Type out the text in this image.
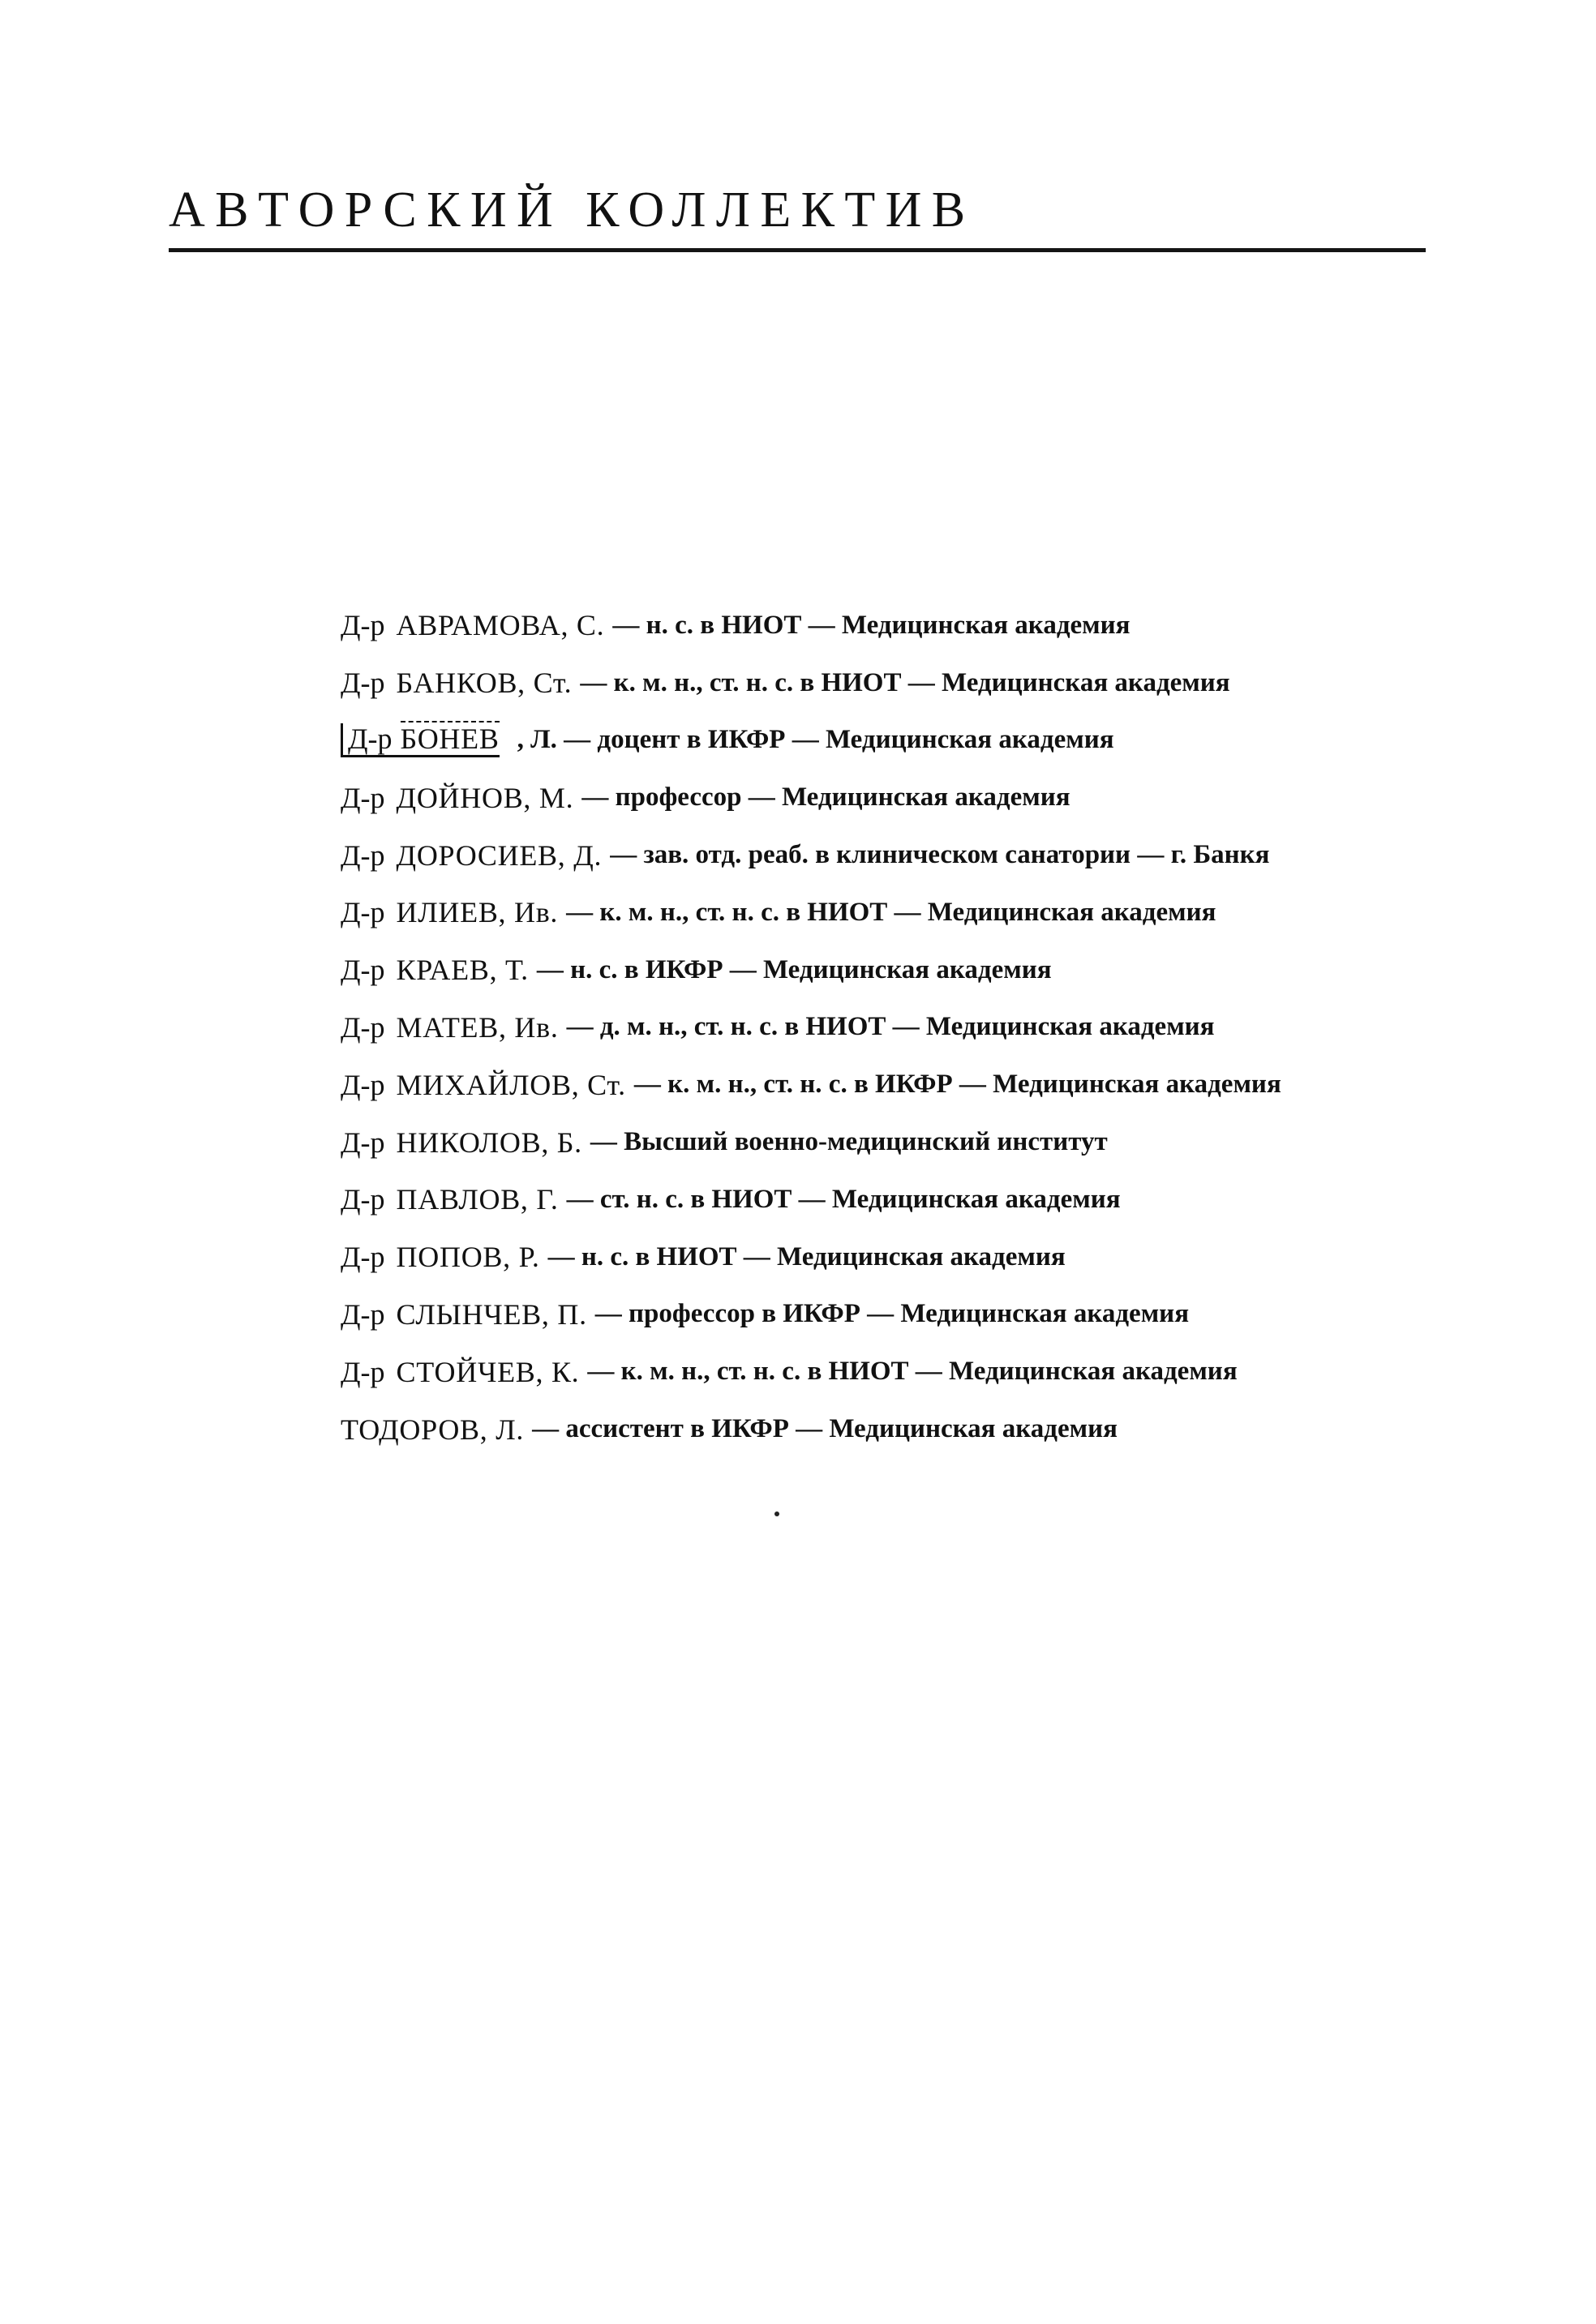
АВТОРСКИЙ КОЛЛЕКТИВ
Д-р АВРАМОВА, С. — н. с. в НИОТ — Медицинская академия
Д-р БАНКОВ, Ст. — к. м. н., ст. н. с. в НИОТ — Медицинская академия
Д-р БОНЕВ , Л. — доцент в ИКФР — Медицинская академия
Д-р ДОЙНОВ, М. — профессор — Медицинская академия
Д-р ДОРОСИЕВ, Д. — зав. отд. реаб. в клиническом санатории — г. Банкя
Д-р ИЛИЕВ, Ив. — к. м. н., ст. н. с. в НИОТ — Медицинская академия
Д-р КРАЕВ, Т. — н. с. в ИКФР — Медицинская академия
Д-р МАТЕВ, Ив. — д. м. н., ст. н. с. в НИОТ — Медицинская академия
Д-р МИХАЙЛОВ, Ст. — к. м. н., ст. н. с. в ИКФР — Медицинская академия
Д-р НИКОЛОВ, Б. — Высший военно-медицинский институт
Д-р ПАВЛОВ, Г. — ст. н. с. в НИОТ — Медицинская академия
Д-р ПОПОВ, Р. — н. с. в НИОТ — Медицинская академия
Д-р СЛЫНЧЕВ, П. — профессор в ИКФР — Медицинская академия
Д-р СТОЙЧЕВ, К. — к. м. н., ст. н. с. в НИОТ — Медицинская академия
ТОДОРОВ, Л. — ассистент в ИКФР — Медицинская академия
